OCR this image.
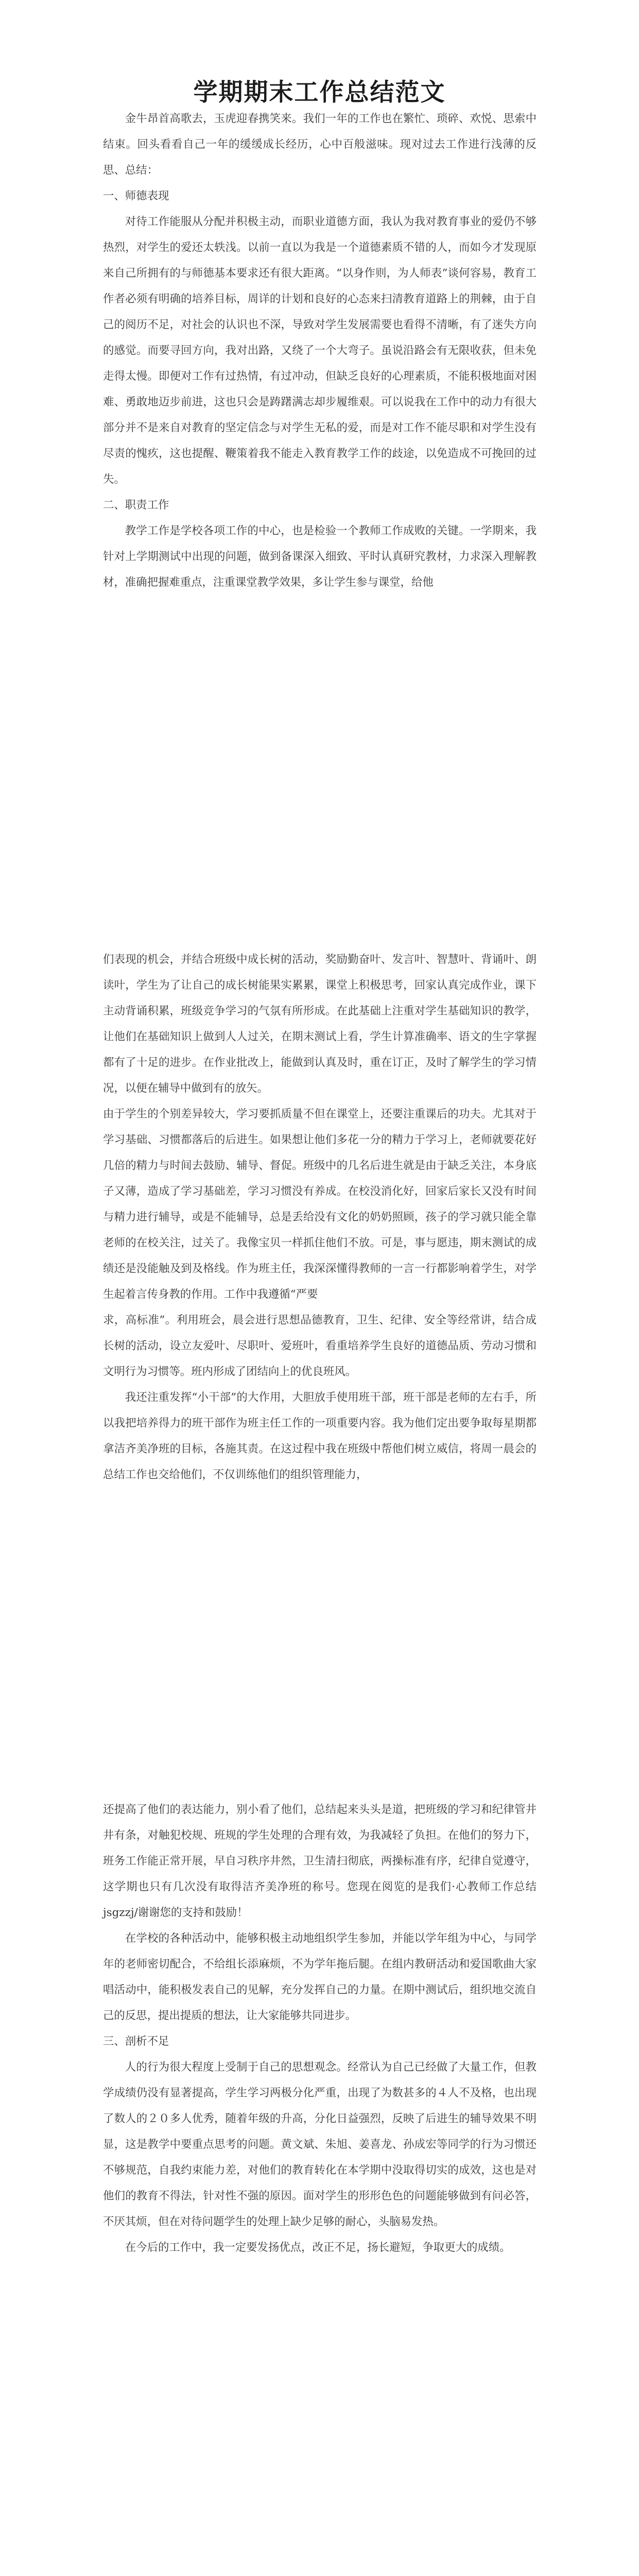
学期期末工作总结范文

金牛昂首高歌去，玉虎迎春携笑来。我们一年的工作也在繁忙、琐碎、欢悦、思索中结束。回头看看自己一年的缓缓成长经历，心中百般滋味。现对过去工作进行浅薄的反思、总结：

一、师德表现

对待工作能服从分配并积极主动，而职业道德方面，我认为我对教育事业的爱仍不够热烈，对学生的爱还太轶浅。以前一直以为我是一个道德素质不错的人，而如今才发现原来自己所拥有的与师德基本要求还有很大距离。“以身作则，为人师表”谈何容易，教育工作者必须有明确的培养目标，周详的计划和良好的心态来扫清教育道路上的荆棘，由于自己的阅历不足，对社会的认识也不深，导致对学生发展需要也看得不清晰，有了迷失方向的感觉。而要寻回方向，我对出路，又绕了一个大弯子。虽说沿路会有无限收获，但未免走得太慢。即便对工作有过热情，有过冲动，但缺乏良好的心理素质，不能积极地面对困难、勇敢地迈步前进，这也只会是踌躇满志却步履维艰。可以说我在工作中的动力有很大部分并不是来自对教育的坚定信念与对学生无私的爱，而是对工作不能尽职和对学生没有尽责的愧疚，这也提醒、鞭策着我不能走入教育教学工作的歧途，以免造成不可挽回的过失。

二、职责工作

教学工作是学校各项工作的中心，也是检验一个教师工作成败的关键。一学期来，我针对上学期测试中出现的问题，做到备课深入细致、平时认真研究教材，力求深入理解教材，准确把握难重点，注重课堂教学效果，多让学生参与课堂，给他

们表现的机会，并结合班级中成长树的活动，奖励勤奋叶、发言叶、智慧叶、背诵叶、朗读叶，学生为了让自己的成长树能果实累累，课堂上积极思考，回家认真完成作业，课下主动背诵积累，班级竞争学习的气氛有所形成。在此基础上注重对学生基础知识的教学，让他们在基础知识上做到人人过关，在期末测试上看，学生计算准确率、语文的生字掌握都有了十足的进步。在作业批改上，能做到认真及时，重在订正，及时了解学生的学习情况，以便在辅导中做到有的放矢。

由于学生的个别差异较大，学习要抓质量不但在课堂上，还要注重课后的功夫。尤其对于学习基础、习惯都落后的后进生。如果想让他们多花一分的精力于学习上，老师就要花好几倍的精力与时间去鼓励、辅导、督促。班级中的几名后进生就是由于缺乏关注，本身底子又薄，造成了学习基础差，学习习惯没有养成。在校没消化好，回家后家长又没有时间与精力进行辅导，或是不能辅导，总是丢给没有文化的奶奶照顾，孩子的学习就只能全靠老师的在校关注，过关了。我像宝贝一样抓住他们不放。可是，事与愿违，期末测试的成绩还是没能触及到及格线。作为班主任，我深深懂得教师的一言一行都影响着学生，对学生起着言传身教的作用。工作中我遵循“严要

求，高标准”。利用班会，晨会进行思想品德教育，卫生、纪律、安全等经常讲，结合成长树的活动，设立友爱叶、尽职叶、爱班叶，看重培养学生良好的道德品质、劳动习惯和文明行为习惯等。班内形成了团结向上的优良班风。

我还注重发挥“小干部”的大作用，大胆放手使用班干部，班干部是老师的左右手，所以我把培养得力的班干部作为班主任工作的一项重要内容。我为他们定出要争取每星期都拿洁齐美净班的目标，各施其责。在这过程中我在班级中帮他们树立威信，将周一晨会的总结工作也交给他们，不仅训练他们的组织管理能力，

还提高了他们的表达能力，别小看了他们，总结起来头头是道，把班级的学习和纪律管井井有条，对触犯校规、班规的学生处理的合理有效，为我减轻了负担。在他们的努力下，班务工作能正常开展，早自习秩序井然，卫生清扫彻底，两操标准有序，纪律自觉遵守，这学期也只有几次没有取得洁齐美净班的称号。您现在阅览的是我们·心教师工作总结 jsgzzj/谢谢您的支持和鼓励！

在学校的各种活动中，能够积极主动地组织学生参加，并能以学年组为中心，与同学年的老师密切配合，不给组长添麻烦，不为学年拖后腿。在组内教研活动和爱国歌曲大家唱活动中，能积极发表自己的见解，充分发挥自己的力量。在期中测试后，组织地交流自己的反思，提出提质的想法，让大家能够共同进步。

三、剖析不足

人的行为很大程度上受制于自己的思想观念。经常认为自己已经做了大量工作，但教学成绩仍没有显著提高，学生学习两极分化严重，出现了为数甚多的４人不及格，也出现了数人的２０多人优秀，随着年级的升高，分化日益强烈，反映了后进生的辅导效果不明显，这是教学中要重点思考的问题。黄文斌、朱旭、姜喜龙、孙成宏等同学的行为习惯还不够规范，自我约束能力差，对他们的教育转化在本学期中没取得切实的成效，这也是对他们的教育不得法，针对性不强的原因。面对学生的形形色色的问题能够做到有问必答，不厌其烦，但在对待问题学生的处理上缺少足够的耐心，头脑易发热。

在今后的工作中，我一定要发扬优点，改正不足，扬长避短，争取更大的成绩。
